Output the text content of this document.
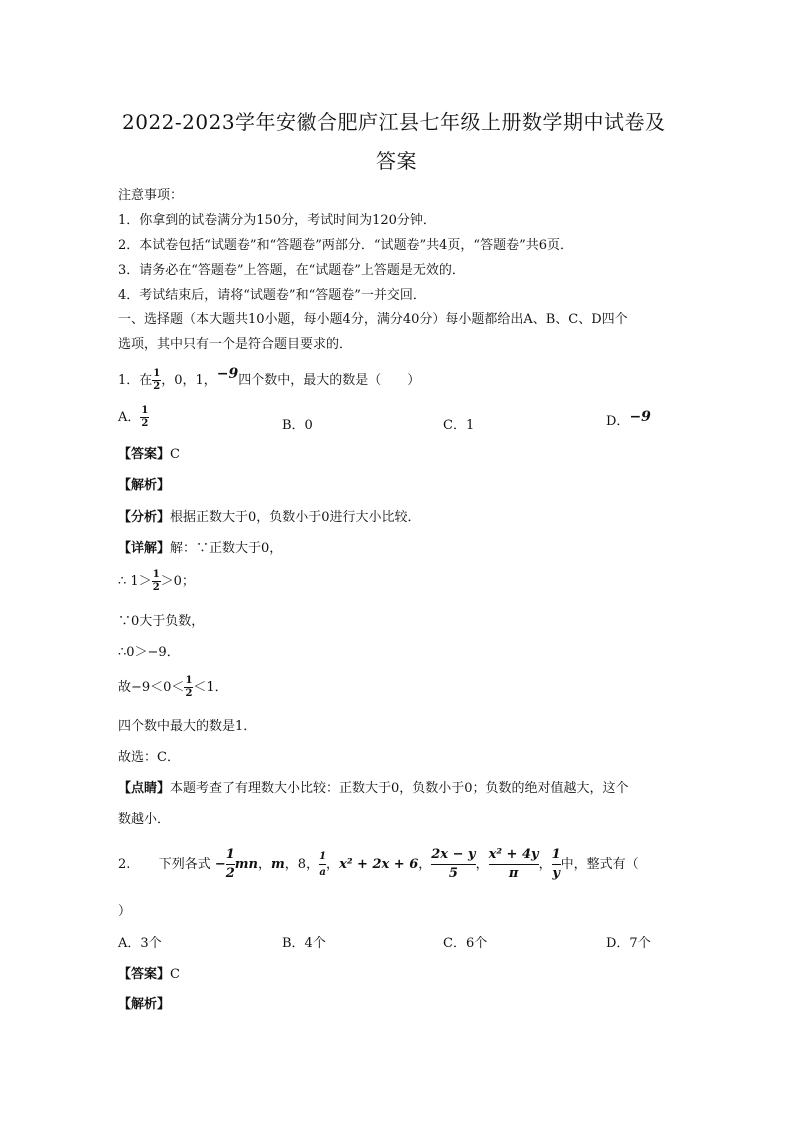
2022-2023学年安徽合肥庐江县七年级上册数学期中试卷及
答案
注意事项：
1．你拿到的试卷满分为150分，考试时间为120分钟．
2．本试卷包括“试题卷”和“答题卷”两部分．“试题卷”共4页，“答题卷”共6页．
3．请务必在“答题卷”上答题，在“试题卷”上答题是无效的．
4．考试结束后，请将“试题卷”和“答题卷”一并交回．
一、选择题（本大题共10小题，每小题4分，满分40分）每小题都给出A、B、C、D四个
选项，其中只有一个是符合题目要求的．
1．在 $\frac{1}{2}$ ，0，1，−9四个数中，最大的数是（　　）
A． $\frac{1}{2}$	B．0	C．1	D．−9
【答案】C
【解析】
【分析】根据正数大于0，负数小于0进行大小比较．
【详解】解：∵正数大于0，
∴ $1> \frac{1}{2} >0$；
∵0大于负数，
∴0＞−9．
故$-9<0< \frac{1}{2} <1$．
四个数中最大的数是1．
故选：C．
【点睛】本题考查了有理数大小比较：正数大于0，负数小于0；负数的绝对值越大，这个
数越小．
2. 下列各式 − $\frac{1}{2}$ mn，m，8， $\frac{1}{a}$ ，x² + 2x + 6， $\frac{2x - y}{5}$ ， $\frac{\text{x² + 4y}}{\pi}$ ， $\frac{1}{y}$ 中，整式有（
）
A．3个	B．4个	C．6个	D．7个
【答案】C
【解析】
